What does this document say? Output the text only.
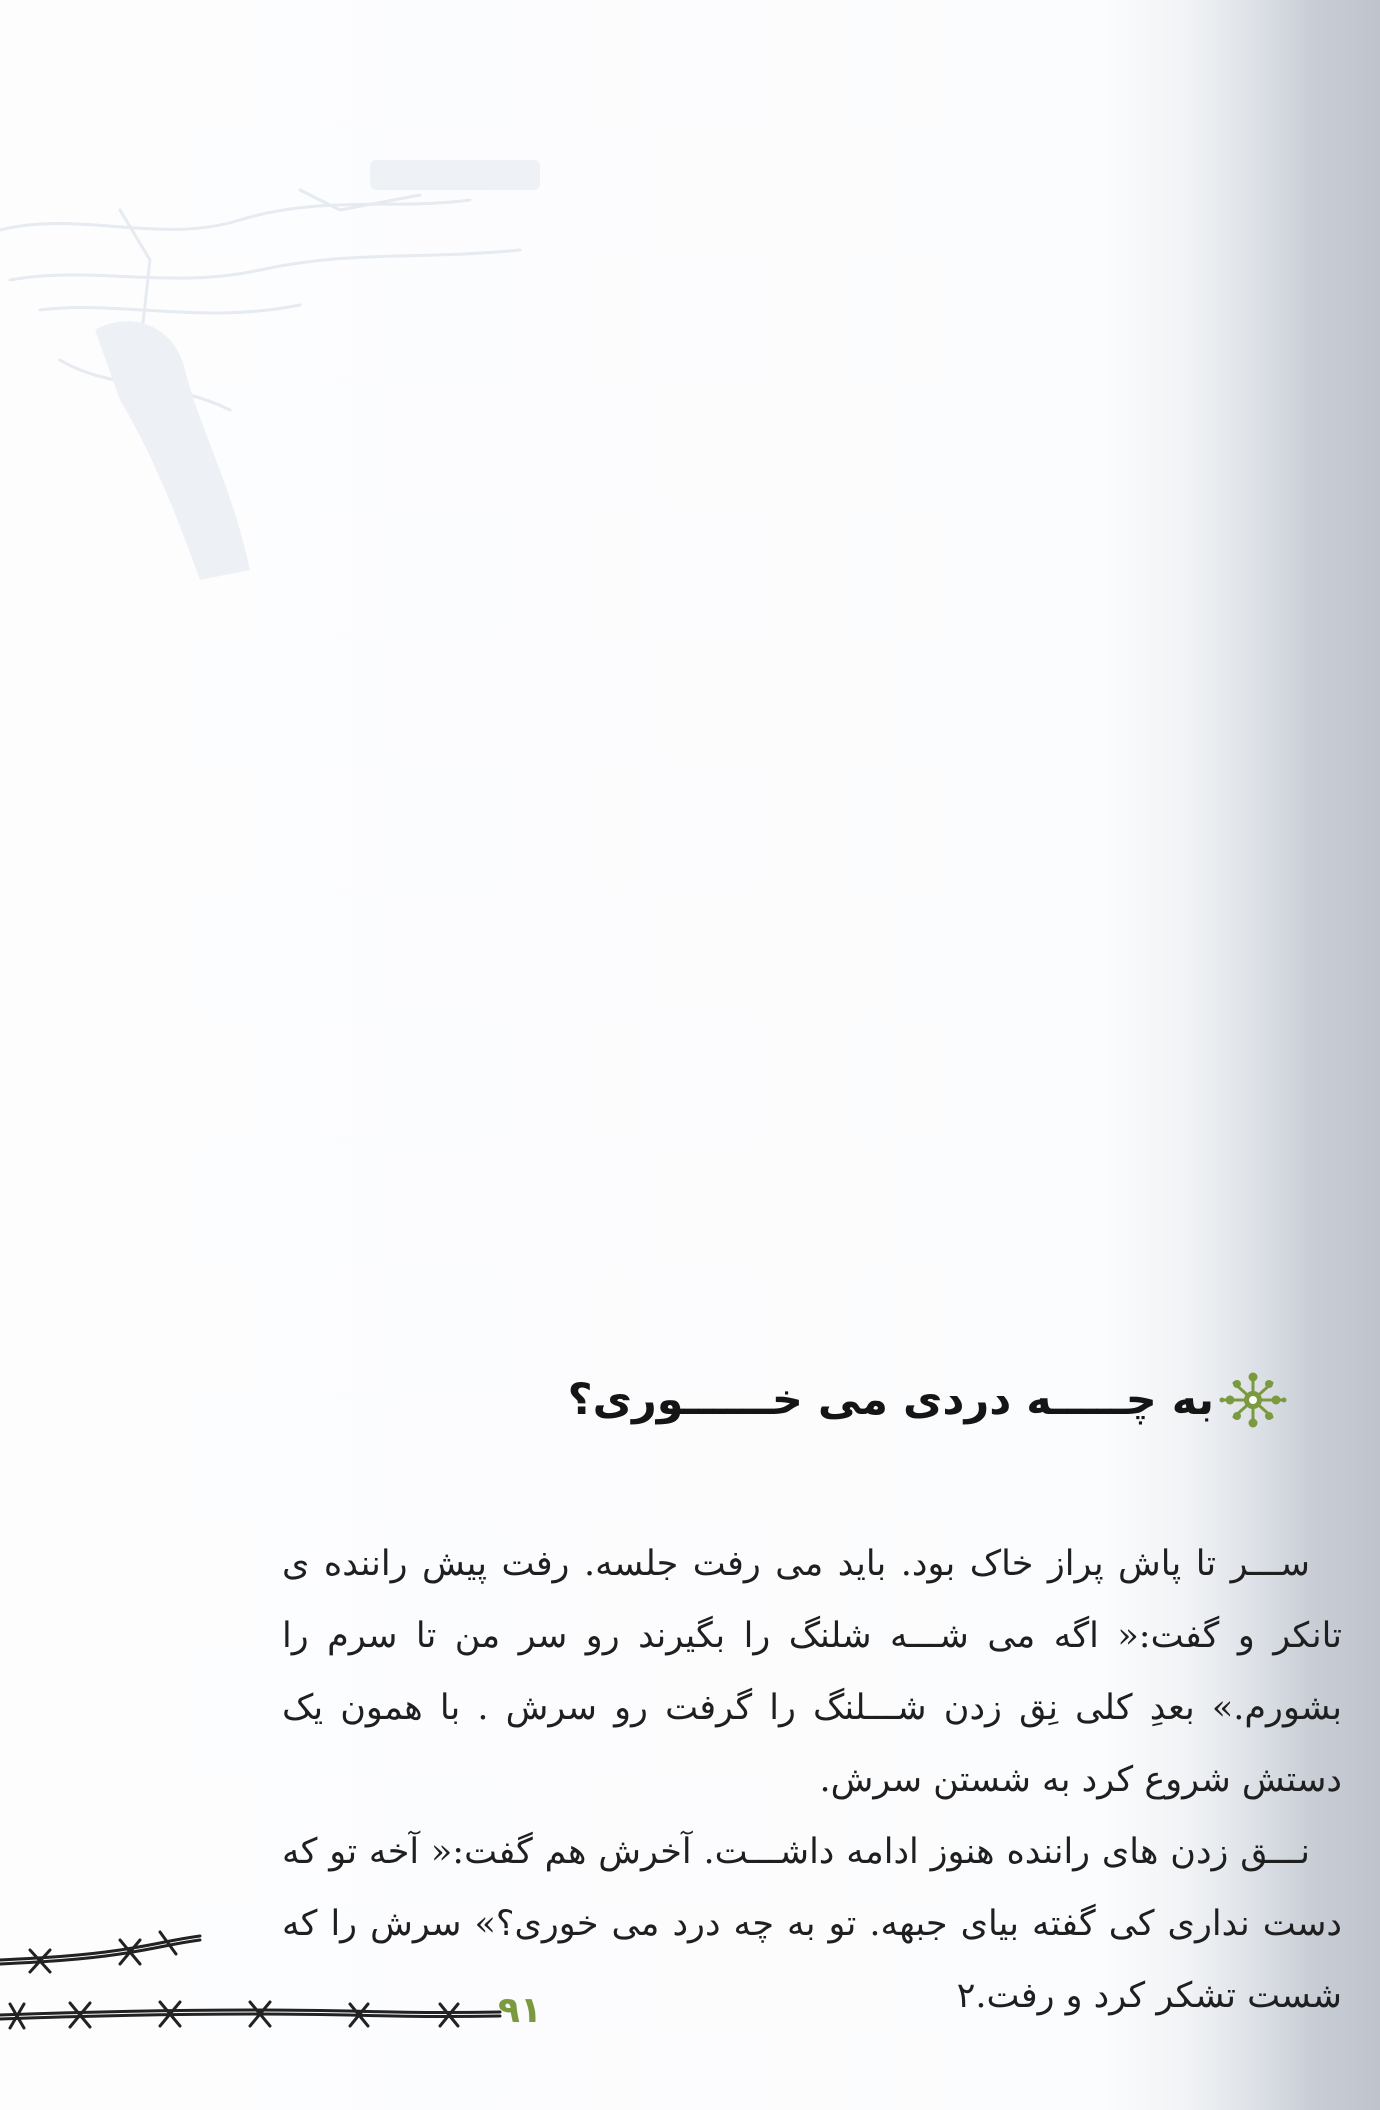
به چـــــه دردی می خــــــوری؟

ســـر تا پاش پراز خاک بود. باید می رفت جلسه. رفت پیش راننده ی تانکر و گفت:« اگه می شـــه شلنگ را بگیرند رو سر من تا سرم را بشورم.» بعدِ کلی نِق زدن شـــلنگ را گرفت رو سرش . با همون یک دستش شروع کرد به شستن سرش.

نـــق زدن های راننده هنوز ادامه داشـــت. آخرش هم گفت:« آخه تو که دست نداری کی گفته بیای جبهه. تو به چه درد می خوری؟» سرش را که شست تشکر کرد و رفت.۲

۹۱
